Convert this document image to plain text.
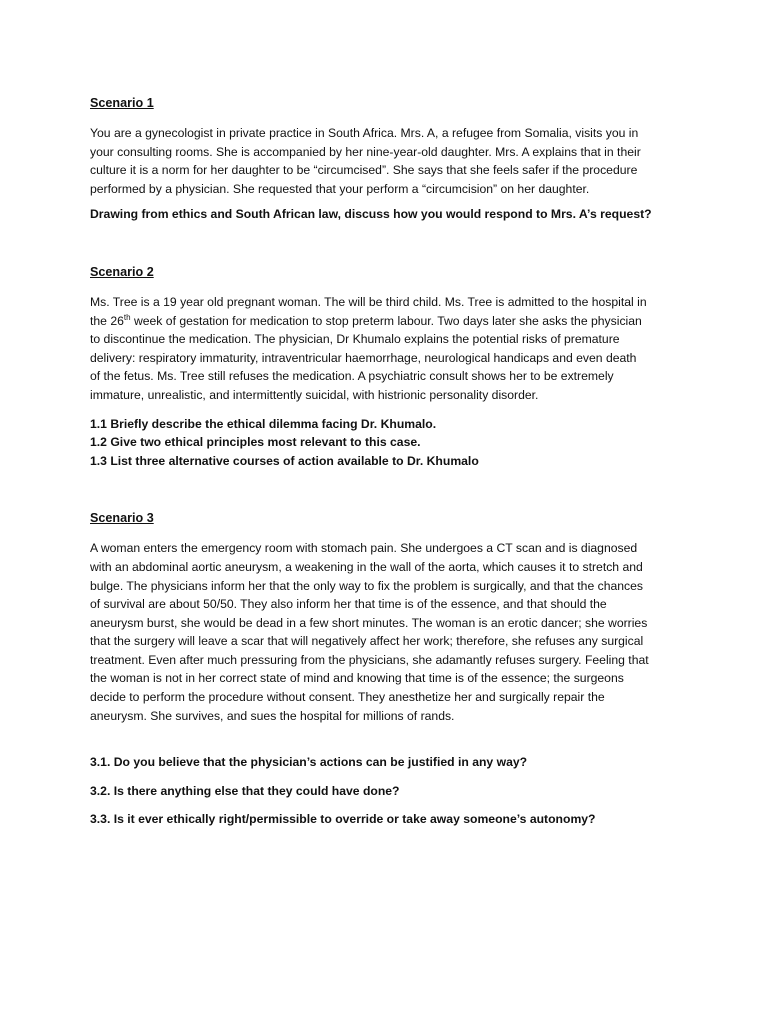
Scenario 1
You are a gynecologist in private practice in South Africa. Mrs. A, a refugee from Somalia, visits you in
your consulting rooms. She is accompanied by her nine-year-old daughter. Mrs. A explains that in their
culture it is a norm for her daughter to be “circumcised”. She says that she feels safer if the procedure
performed by a physician. She requested that your perform a “circumcision” on her daughter.
Drawing from ethics and South African law, discuss how you would respond to Mrs. A’s request?
Scenario 2
Ms. Tree is a 19 year old pregnant woman. The will be third child. Ms. Tree is admitted to the hospital in
the 26th week of gestation for medication to stop preterm labour. Two days later she asks the physician
to discontinue the medication. The physician, Dr Khumalo explains the potential risks of premature
delivery: respiratory immaturity, intraventricular haemorrhage, neurological handicaps and even death
of the fetus. Ms. Tree still refuses the medication. A psychiatric consult shows her to be extremely
immature, unrealistic, and intermittently suicidal, with histrionic personality disorder.
1.1 Briefly describe the ethical dilemma facing Dr. Khumalo.
1.2 Give two ethical principles most relevant to this case.
1.3 List three alternative courses of action available to Dr. Khumalo
Scenario 3
A woman enters the emergency room with stomach pain. She undergoes a CT scan and is diagnosed
with an abdominal aortic aneurysm, a weakening in the wall of the aorta, which causes it to stretch and
bulge. The physicians inform her that the only way to fix the problem is surgically, and that the chances
of survival are about 50/50. They also inform her that time is of the essence, and that should the
aneurysm burst, she would be dead in a few short minutes. The woman is an erotic dancer; she worries
that the surgery will leave a scar that will negatively affect her work; therefore, she refuses any surgical
treatment. Even after much pressuring from the physicians, she adamantly refuses surgery. Feeling that
the woman is not in her correct state of mind and knowing that time is of the essence; the surgeons
decide to perform the procedure without consent. They anesthetize her and surgically repair the
aneurysm. She survives, and sues the hospital for millions of rands.
3.1. Do you believe that the physician’s actions can be justified in any way?
3.2. Is there anything else that they could have done?
3.3. Is it ever ethically right/permissible to override or take away someone’s autonomy?
